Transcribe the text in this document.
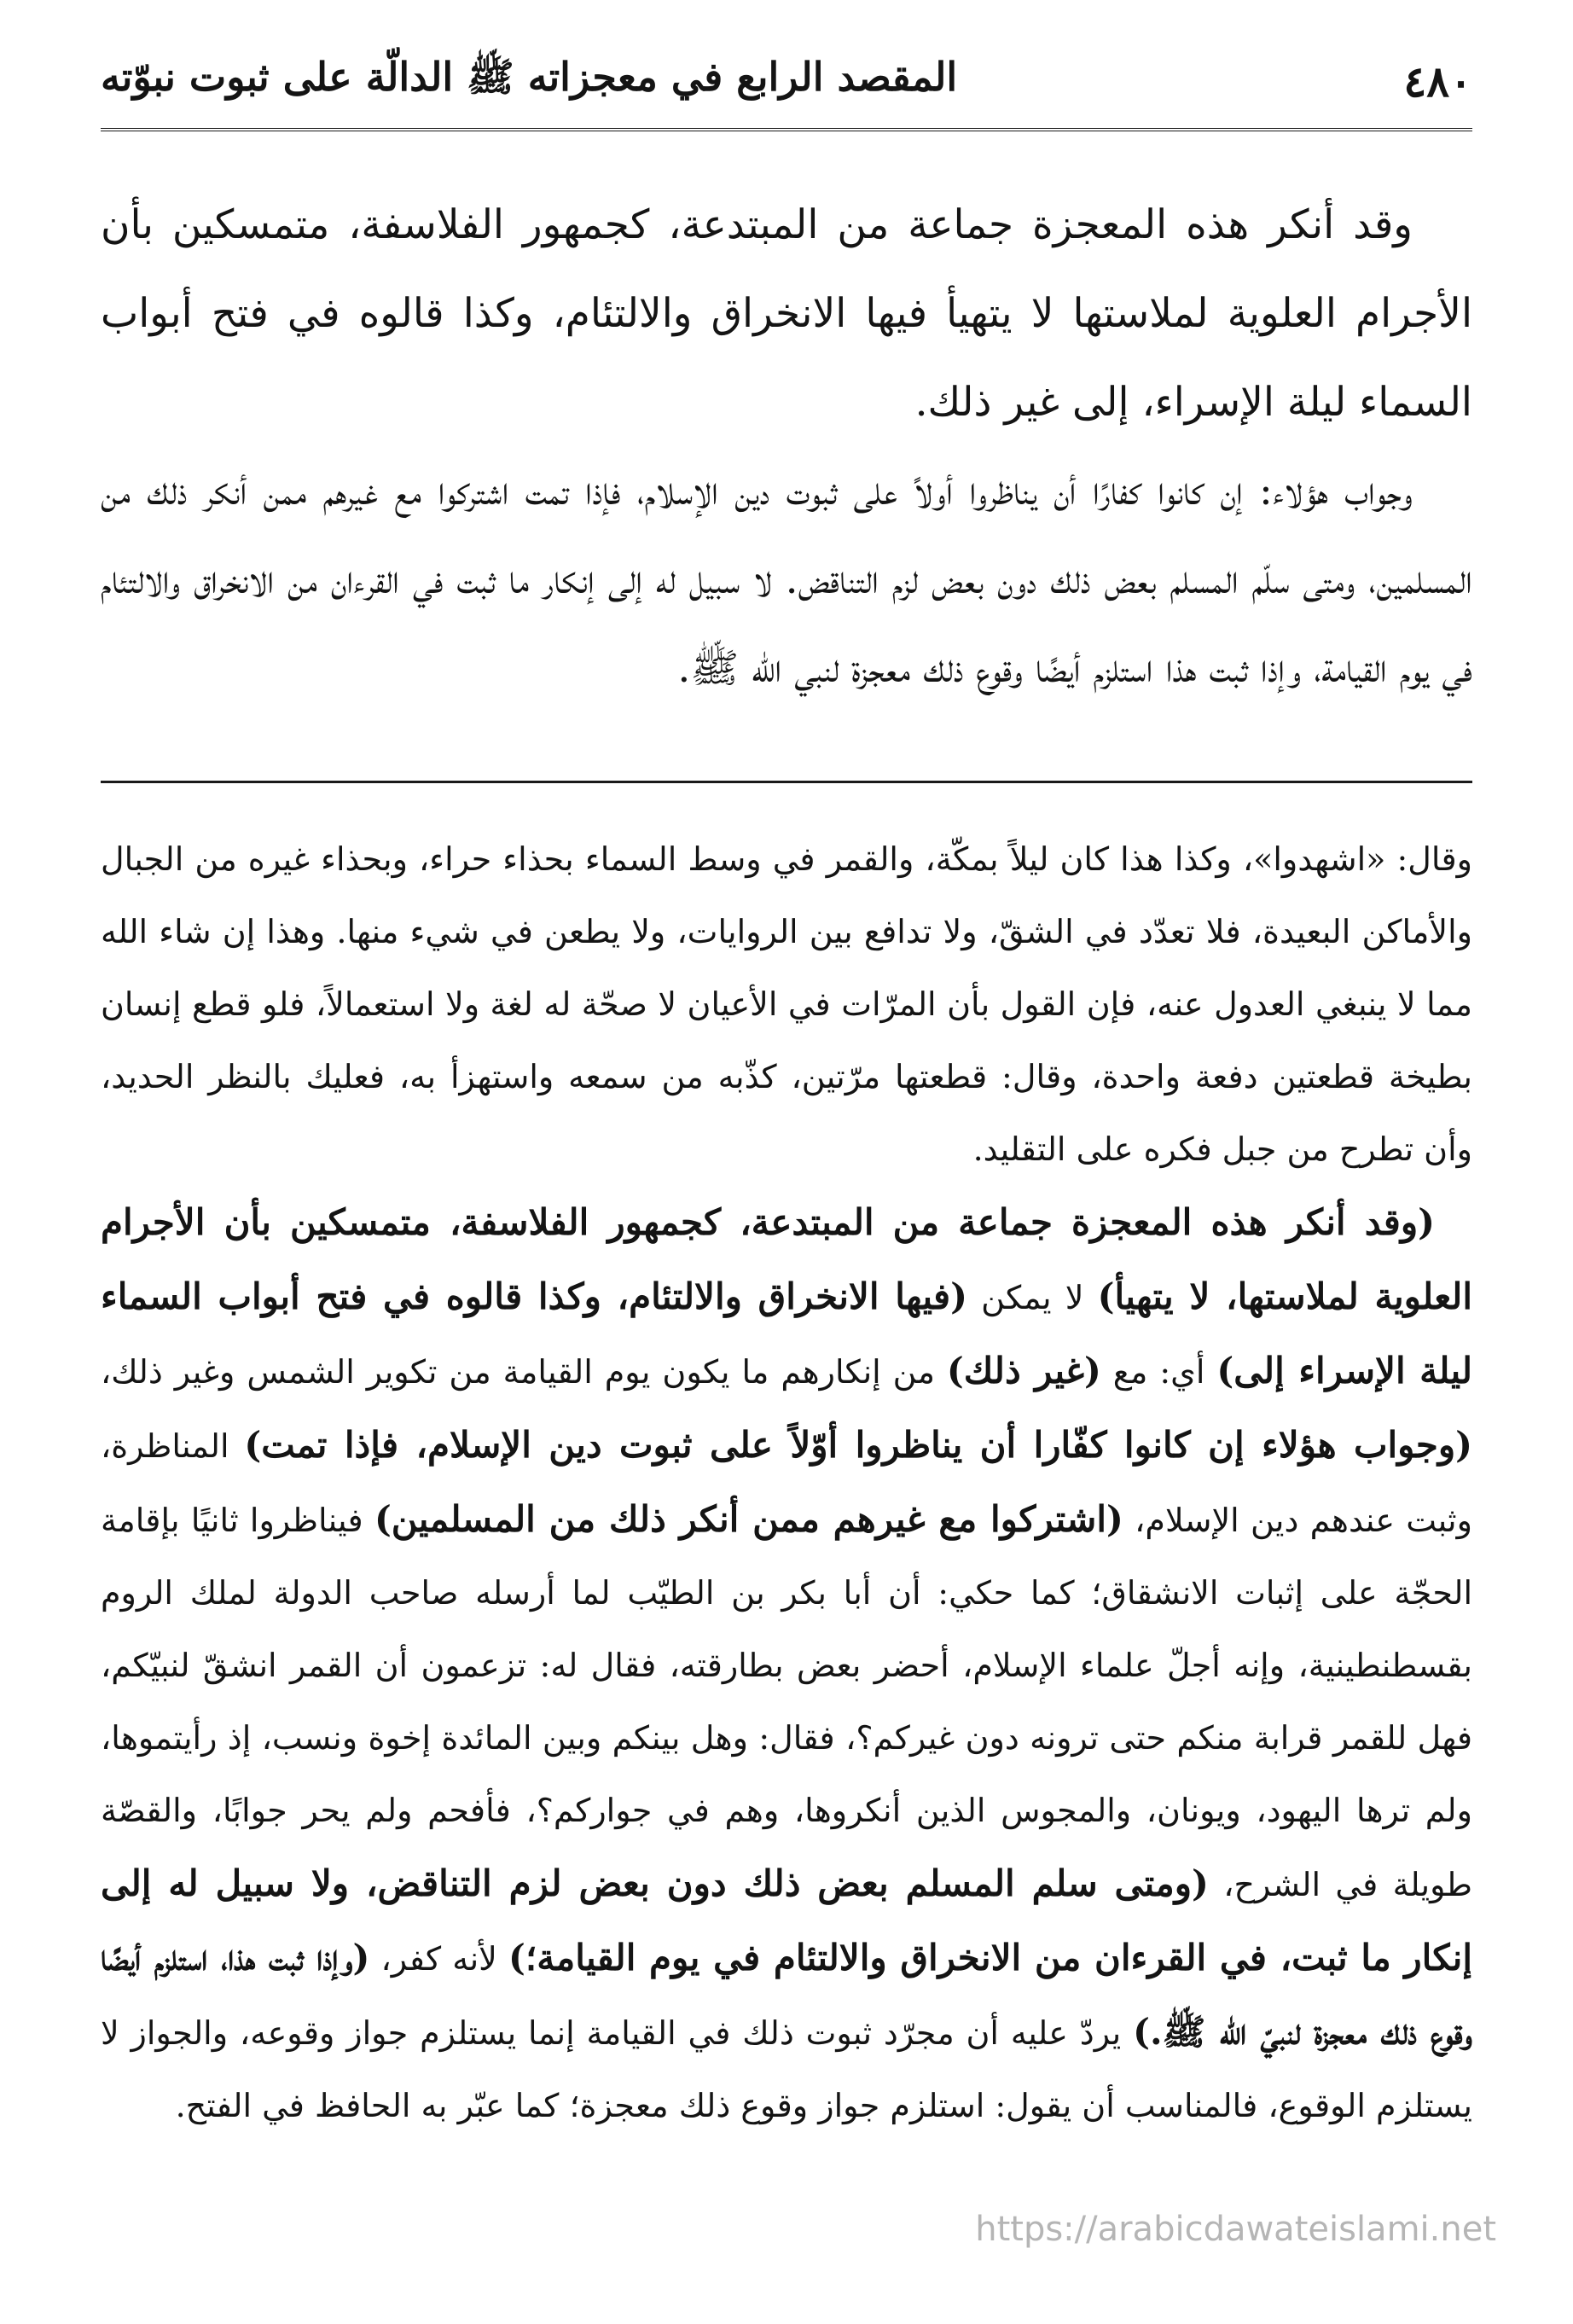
٤٨٠
المقصد الرابع في معجزاته ﷺ الدالّة على ثبوت نبوّته

وقد أنكر هذه المعجزة جماعة من المبتدعة، كجمهور الفلاسفة، متمسكين بأن الأجرام العلوية لملاستها لا يتهيأ فيها الانخراق والالتئام، وكذا قالوه في فتح أبواب السماء ليلة الإسراء، إلى غير ذلك.

وجواب هؤلاء: إن كانوا كفارًا أن يناظروا أولاً على ثبوت دين الإسلام، فإذا تمت اشتركوا مع غيرهم ممن أنكر ذلك من المسلمين، ومتى سلّم المسلم بعض ذلك دون بعض لزم التناقض. لا سبيل له إلى إنكار ما ثبت في القرءان من الانخراق والالتئام في يوم القيامة، وإذا ثبت هذا استلزم أيضًا وقوع ذلك معجزة لنبي الله ﷺ.

وقال: «اشهدوا»، وكذا هذا كان ليلاً بمكّة، والقمر في وسط السماء بحذاء حراء، وبحذاء غيره من الجبال والأماكن البعيدة، فلا تعدّد في الشقّ، ولا تدافع بين الروايات، ولا يطعن في شيء منها. وهذا إن شاء الله مما لا ينبغي العدول عنه، فإن القول بأن المرّات في الأعيان لا صحّة له لغة ولا استعمالاً، فلو قطع إنسان بطيخة قطعتين دفعة واحدة، وقال: قطعتها مرّتين، كذّبه من سمعه واستهزأ به، فعليك بالنظر الحديد، وأن تطرح من جبل فكره على التقليد.

(وقد أنكر هذه المعجزة جماعة من المبتدعة، كجمهور الفلاسفة، متمسكين بأن الأجرام العلوية لملاستها، لا يتهيأ) لا يمكن (فيها الانخراق والالتئام، وكذا قالوه في فتح أبواب السماء ليلة الإسراء إلى) أي: مع (غير ذلك) من إنكارهم ما يكون يوم القيامة من تكوير الشمس وغير ذلك، (وجواب هؤلاء إن كانوا كفّارا أن يناظروا أوّلاً على ثبوت دين الإسلام، فإذا تمت) المناظرة، وثبت عندهم دين الإسلام، (اشتركوا مع غيرهم ممن أنكر ذلك من المسلمين) فيناظروا ثانيًا بإقامة الحجّة على إثبات الانشقاق؛ كما حكي: أن أبا بكر بن الطيّب لما أرسله صاحب الدولة لملك الروم بقسطنطينية، وإنه أجلّ علماء الإسلام، أحضر بعض بطارقته، فقال له: تزعمون أن القمر انشقّ لنبيّكم، فهل للقمر قرابة منكم حتى ترونه دون غيركم؟، فقال: وهل بينكم وبين المائدة إخوة ونسب، إذ رأيتموها، ولم ترها اليهود، ويونان، والمجوس الذين أنكروها، وهم في جواركم؟، فأفحم ولم يحر جوابًا، والقصّة طويلة في الشرح، (ومتى سلم المسلم بعض ذلك دون بعض لزم التناقض، ولا سبيل له إلى إنكار ما ثبت، في القرءان من الانخراق والالتئام في يوم القيامة؛) لأنه كفر، (وإذا ثبت هذا، استلزم أيضًا وقوع ذلك معجزة لنبيّ الله ﷺ.) يردّ عليه أن مجرّد ثبوت ذلك في القيامة إنما يستلزم جواز وقوعه، والجواز لا يستلزم الوقوع، فالمناسب أن يقول: استلزم جواز وقوع ذلك معجزة؛ كما عبّر به الحافظ في الفتح.

https://arabicdawateislami.net
